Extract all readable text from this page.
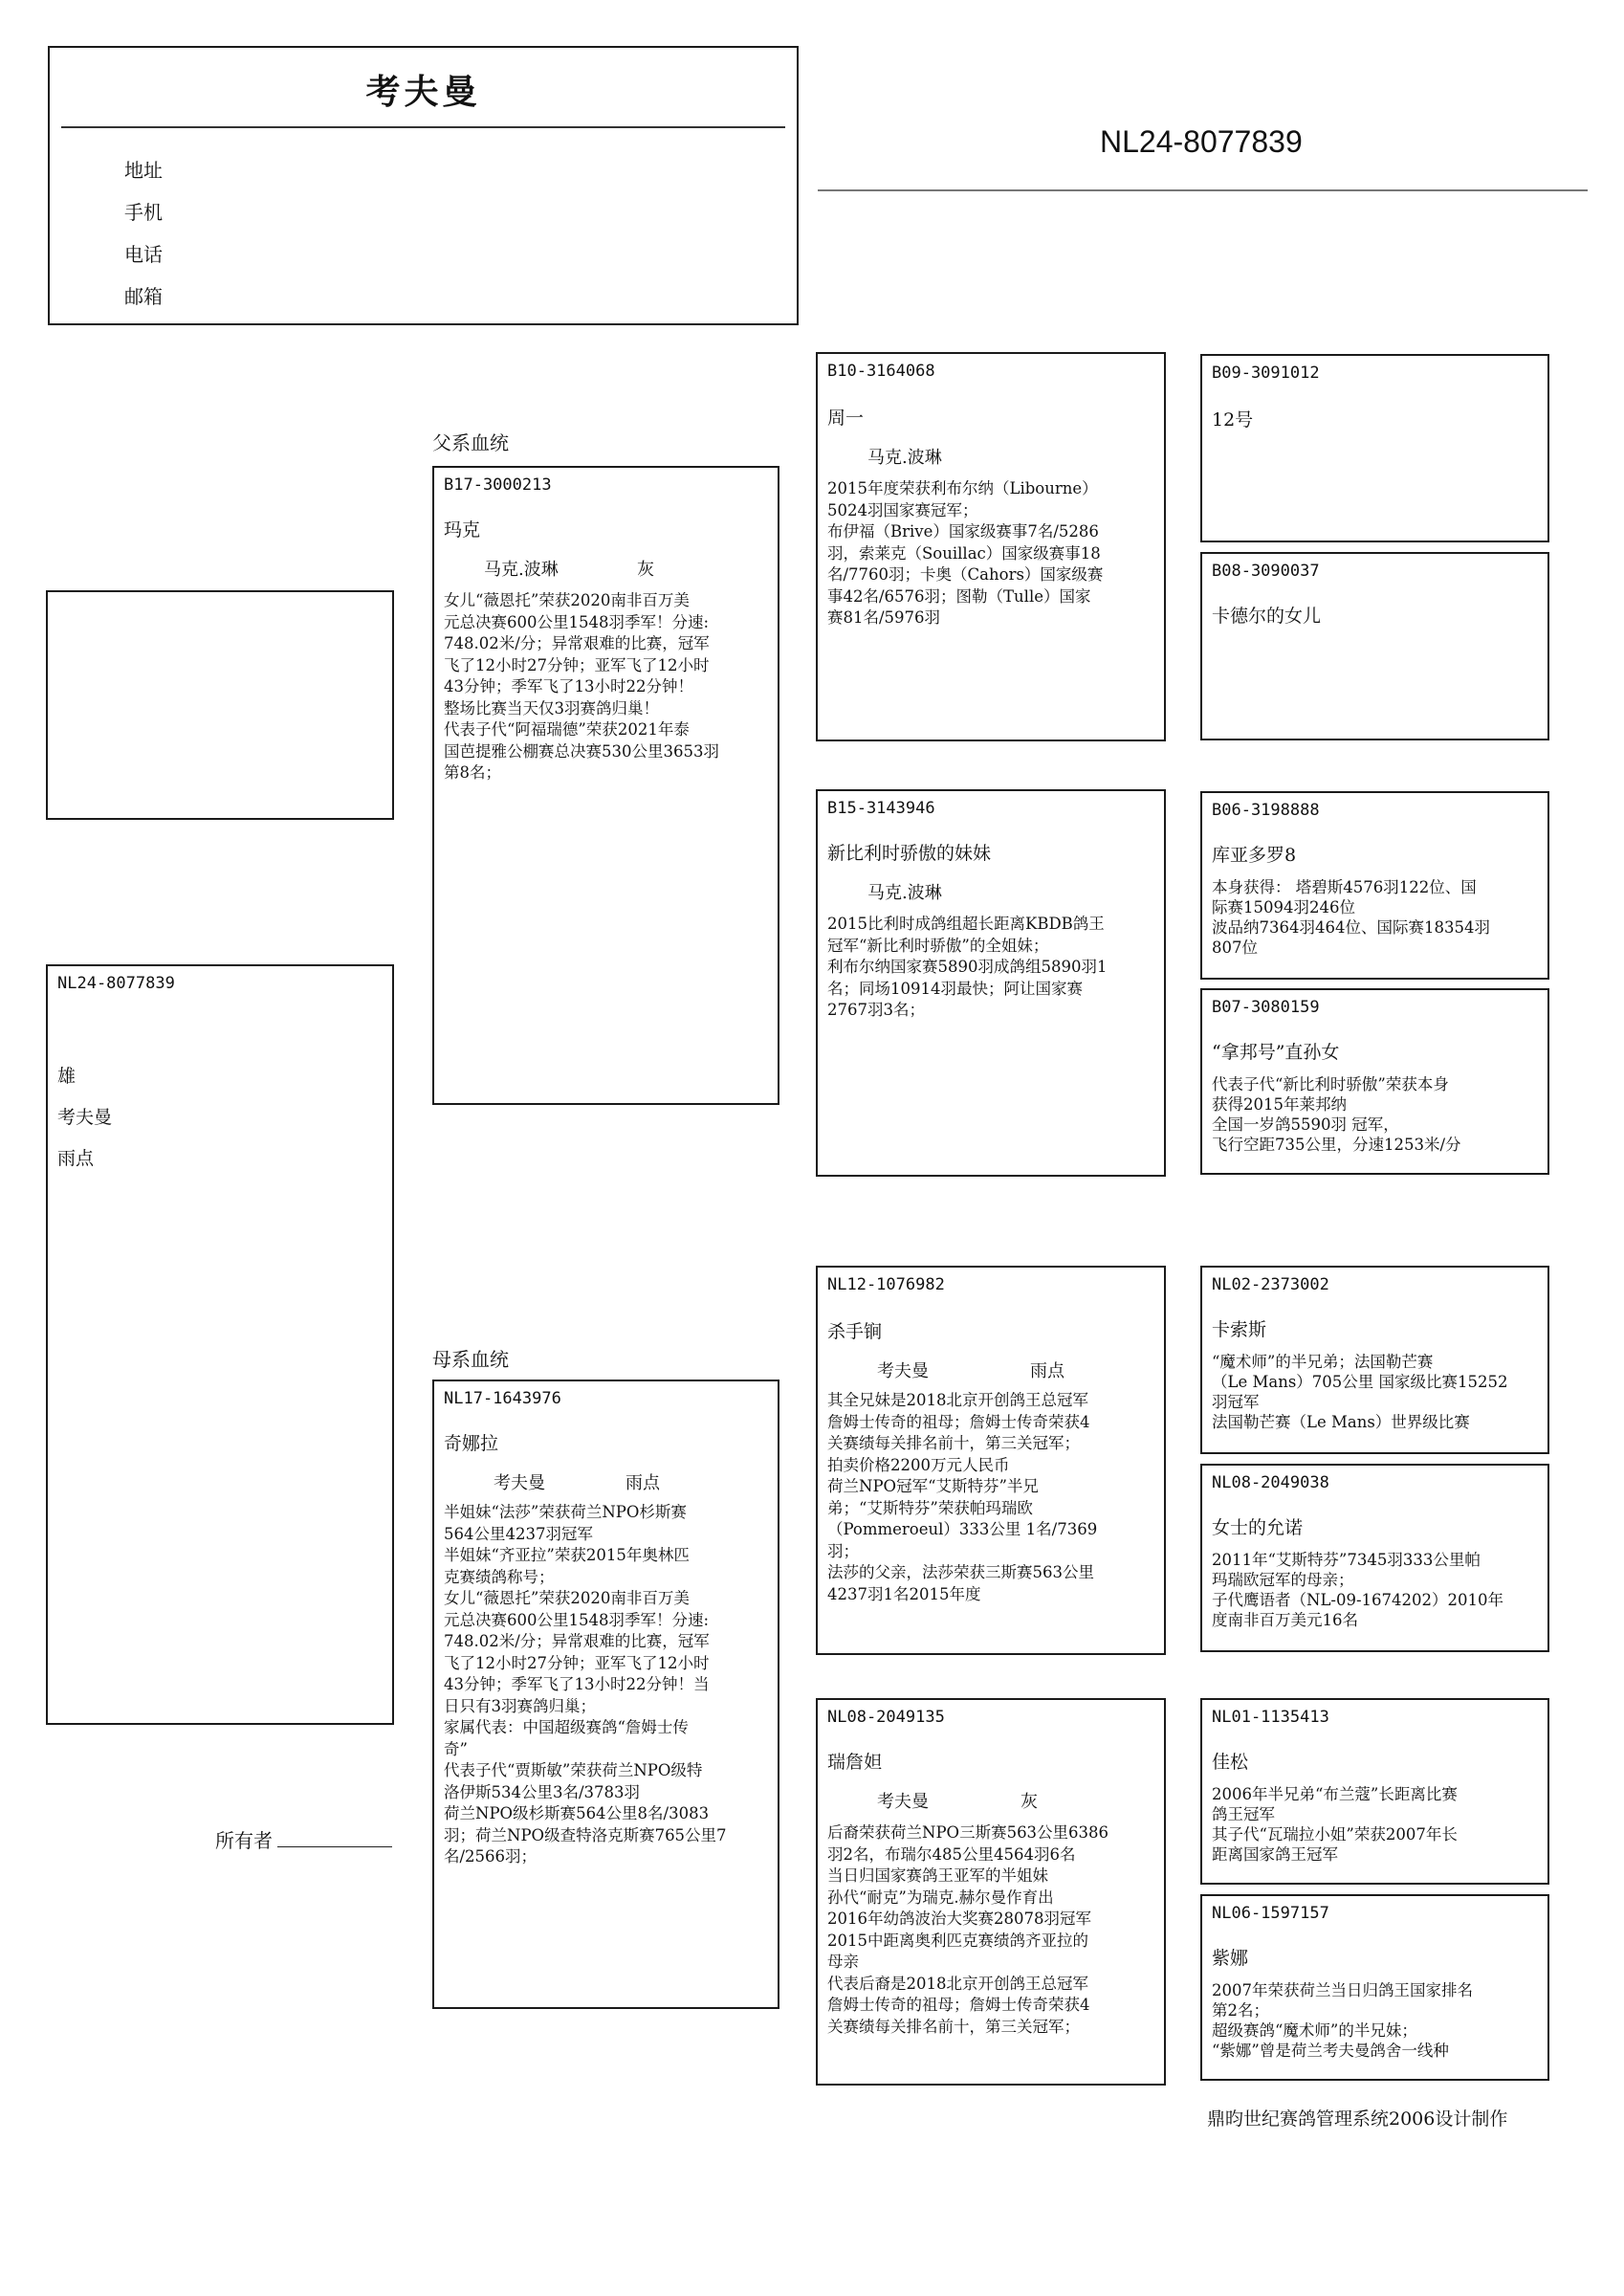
考夫曼
地址
手机
电话
邮箱
NL24-8077839
NL24-8077839
雄
考夫曼
雨点
所有者
父系血统
母系血统
B17-3000213
玛克
马克.波琳	灰
女儿“薇恩托”荣获2020南非百万美
元总决赛600公里1548羽季军！分速:
748.02米/分；异常艰难的比赛，冠军
飞了12小时27分钟；亚军飞了12小时
43分钟；季军飞了13小时22分钟！
整场比赛当天仅3羽赛鸽归巢！
代表子代“阿福瑞德”荣获2021年泰
国芭提雅公棚赛总决赛530公里3653羽
第8名；
NL17-1643976
奇娜拉
考夫曼	雨点
半姐妹“法莎”荣获荷兰NPO杉斯赛
564公里4237羽冠军
半姐妹“齐亚拉”荣获2015年奥林匹
克赛绩鸽称号；
女儿“薇恩托”荣获2020南非百万美
元总决赛600公里1548羽季军！分速:
748.02米/分；异常艰难的比赛，冠军
飞了12小时27分钟；亚军飞了12小时
43分钟；季军飞了13小时22分钟！当
日只有3羽赛鸽归巢；
家属代表：中国超级赛鸽“詹姆士传
奇”
代表子代“贾斯敏”荣获荷兰NPO级特
洛伊斯534公里3名/3783羽
荷兰NPO级杉斯赛564公里8名/3083
羽；荷兰NPO级查特洛克斯赛765公里7
名/2566羽；
B10-3164068
周一
马克.波琳
2015年度荣获利布尔纳（Libourne）
5024羽国家赛冠军；
布伊福（Brive）国家级赛事7名/5286
羽，索莱克（Souillac）国家级赛事18
名/7760羽；卡奥（Cahors）国家级赛
事42名/6576羽；图勒（Tulle）国家
赛81名/5976羽
B15-3143946
新比利时骄傲的妹妹
马克.波琳
2015比利时成鸽组超长距离KBDB鸽王
冠军“新比利时骄傲”的全姐妹；
利布尔纳国家赛5890羽成鸽组5890羽1
名；同场10914羽最快；阿让国家赛
2767羽3名；
NL12-1076982
杀手锏
考夫曼	雨点
其全兄妹是2018北京开创鸽王总冠军
詹姆士传奇的祖母；詹姆士传奇荣获4
关赛绩每关排名前十，第三关冠军；
拍卖价格2200万元人民币
荷兰NPO冠军“艾斯特芬”半兄
弟；“艾斯特芬”荣获帕玛瑞欧
（Pommeroeul）333公里 1名/7369
羽；
法莎的父亲，法莎荣获三斯赛563公里
4237羽1名2015年度
NL08-2049135
瑞詹妲
考夫曼	灰
后裔荣获荷兰NPO三斯赛563公里6386
羽2名，布瑞尔485公里4564羽6名
当日归国家赛鸽王亚军的半姐妹
孙代“耐克”为瑞克.赫尔曼作育出
2016年幼鸽波治大奖赛28078羽冠军
2015中距离奥利匹克赛绩鸽齐亚拉的
母亲
代表后裔是2018北京开创鸽王总冠军
詹姆士传奇的祖母；詹姆士传奇荣获4
关赛绩每关排名前十，第三关冠军；
B09-3091012
12号
B08-3090037
卡德尔的女儿
B06-3198888
库亚多罗8
本身获得： 塔碧斯4576羽122位、国
际赛15094羽246位
波品纳7364羽464位、国际赛18354羽
807位
B07-3080159
“拿邦号”直孙女
代表子代“新比利时骄傲”荣获本身
获得2015年莱邦纳
全国一岁鸽5590羽 冠军，
飞行空距735公里，分速1253米/分
NL02-2373002
卡索斯
“魔术师”的半兄弟；法国勒芒赛
（Le Mans）705公里 国家级比赛15252
羽冠军
法国勒芒赛（Le Mans）世界级比赛
NL08-2049038
女士的允诺
2011年“艾斯特芬”7345羽333公里帕
玛瑞欧冠军的母亲；
子代鹰语者（NL-09-1674202）2010年
度南非百万美元16名
NL01-1135413
佳松
2006年半兄弟“布兰蔻”长距离比赛
鸽王冠军
其子代“瓦瑞拉小姐”荣获2007年长
距离国家鸽王冠军
NL06-1597157
紫娜
2007年荣获荷兰当日归鸽王国家排名
第2名；
超级赛鸽“魔术师”的半兄妹；
“紫娜”曾是荷兰考夫曼鸽舍一线种
鼎昀世纪赛鸽管理系统2006设计制作
